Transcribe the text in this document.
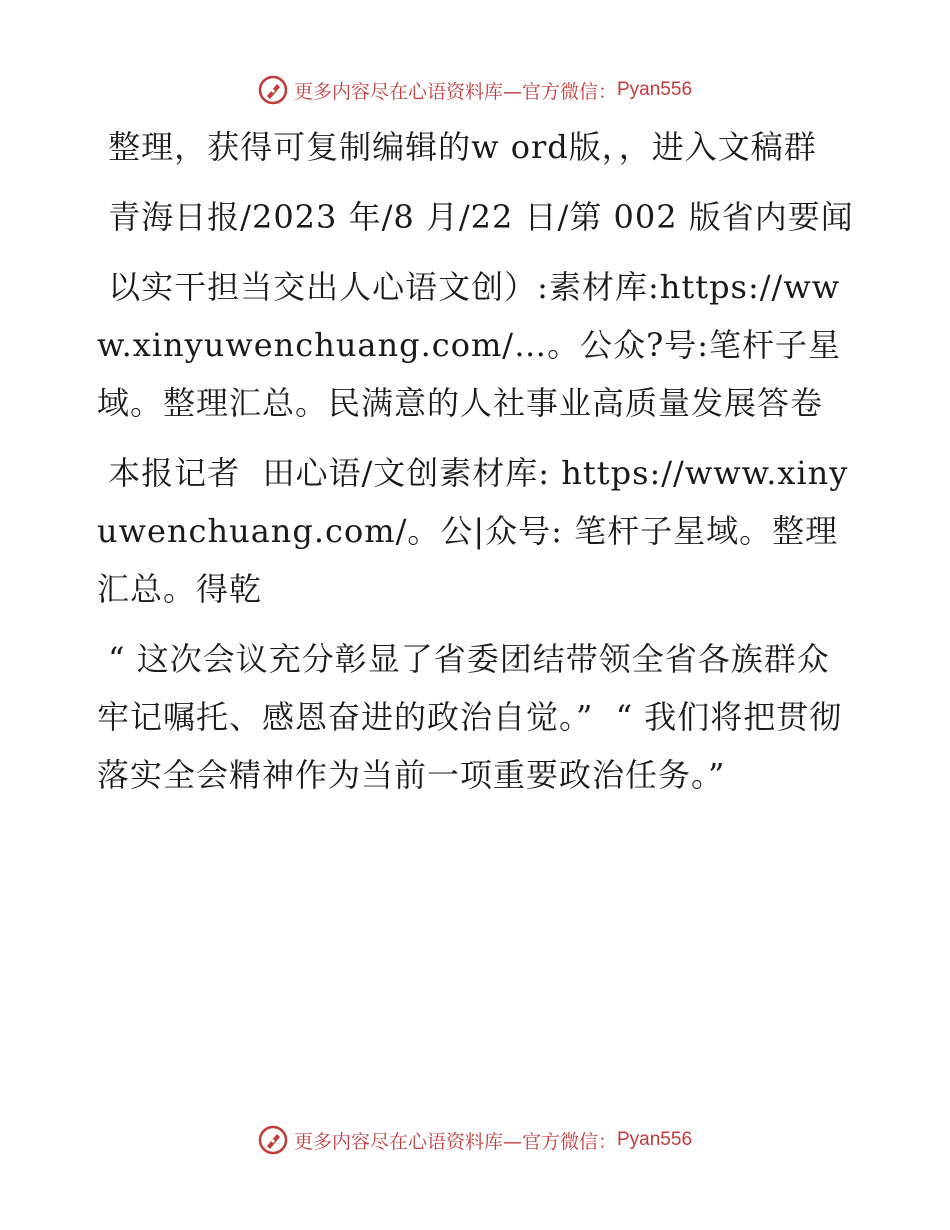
更多内容尽在心语资料库— 官方微信： Pyan556

整理，获得可复制编辑的w ord版，，进入文稿群

青海日报/2023 年/8 月/22 日/第 002 版省内要闻

以实干担当交出人心语文创）:素材库:https://www.xinyuwenchuang.com/…。公众?号:笔杆子星域。整理汇总。民满意的人社事业高质量发展答卷

本报记者  田心语/文创素材库: https://www.xinyuwenchuang.com/。公|众号: 笔杆子星域。整理汇总。得乾

“ 这次会议充分彰显了省委团结带领全省各族群众牢记嘱托、感恩奋进的政治自觉。”  “ 我们将把贯彻落实全会精神作为当前一项重要政治任务。”

更多内容尽在心语资料库— 官方微信： Pyan556
